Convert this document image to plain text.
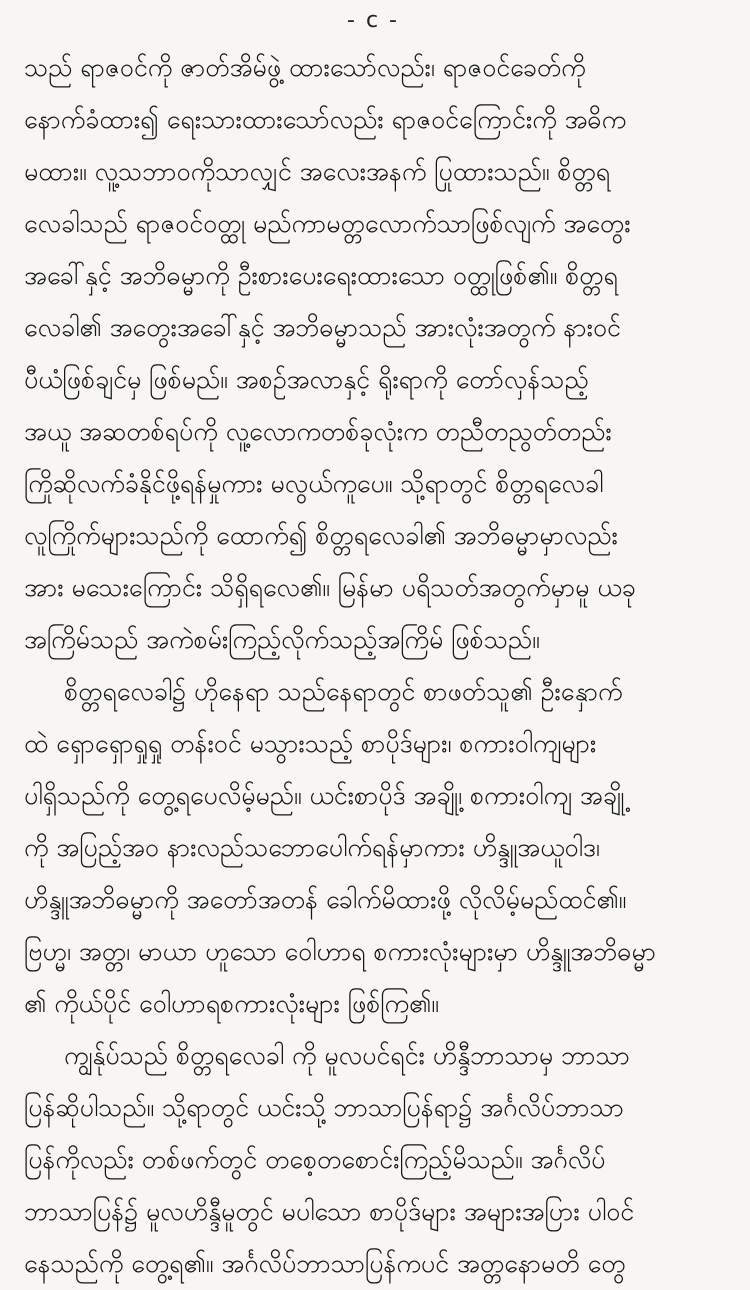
- c -
သည် ရာဇဝင်ကို ဇာတ်အိမ်ဖွဲ့ ထားသော်လည်း၊ ရာဇဝင်ခေတ်ကို
နောက်ခံထား၍ ရေးသားထားသော်လည်း ရာဇဝင်ကြောင်းကို အဓိက
မထား။ လူ့သဘာဝကိုသာလျှင် အလေးအနက် ပြုထားသည်။ စိတ္တရ
လေခါသည် ရာဇဝင်ဝတ္ထု မည်ကာမတ္တလောက်သာဖြစ်လျက် အတွေး
အခေါ်နှင့် အဘိဓမ္မာကို ဦးစားပေးရေးထားသော ဝတ္ထုဖြစ်၏။ စိတ္တရ
လေခါ၏ အတွေးအခေါ်နှင့် အဘိဓမ္မာသည် အားလုံးအတွက် နားဝင်
ပီယံဖြစ်ချင်မှ ဖြစ်မည်။ အစဉ်အလာနှင့် ရိုးရာကို တော်လှန်သည့်
အယူ အဆတစ်ရပ်ကို လူ့လောကတစ်ခုလုံးက တညီတညွတ်တည်း
ကြိုဆိုလက်ခံနိုင်ဖို့ရန်မှုကား မလွယ်ကူပေ။ သို့ရာတွင် စိတ္တရလေခါ
လူကြိုက်များသည်ကို ထောက်၍ စိတ္တရလေခါ၏ အဘိဓမ္မာမှာလည်း
အား မသေးကြောင်း သိရှိရလေ၏။ မြန်မာ ပရိသတ်အတွက်မှာမူ ယခု
အကြိမ်သည် အကဲစမ်းကြည့်လိုက်သည့်အကြိမ် ဖြစ်သည်။
စိတ္တရလေခါ၌ ဟိုနေရာ သည်နေရာတွင် စာဖတ်သူ၏ ဦးနှောက်
ထဲ ရှောရှောရှုရှု တန်းဝင် မသွားသည့် စာပိုဒ်များ၊ စကားဝါကျများ
ပါရှိသည်ကို တွေ့ရပေလိမ့်မည်။ ယင်းစာပိုဒ် အချို့၊ စကားဝါကျ အချို့
ကို အပြည့်အဝ နားလည်သဘောပေါက်ရန်မှာကား ဟိန္ဒူအယူဝါဒ၊
ဟိန္ဒူအဘိဓမ္မာကို အတော်အတန် ခေါက်မိထားဖို့ လိုလိမ့်မည်ထင်၏။
ဗြဟ္မ၊ အတ္တ၊ မာယာ ဟူသော ဝေါဟာရ စကားလုံးများမှာ ဟိန္ဒူအဘိဓမ္မာ
၏ ကိုယ်ပိုင် ဝေါဟာရစကားလုံးများ ဖြစ်ကြ၏။
ကျွန်ုပ်သည် စိတ္တရလေခါ ကို မူလပင်ရင်း ဟိန္ဒီဘာသာမှ ဘာသာ
ပြန်ဆိုပါသည်။ သို့ရာတွင် ယင်းသို့ ဘာသာပြန်ရာ၌ အင်္ဂလိပ်ဘာသာ
ပြန်ကိုလည်း တစ်ဖက်တွင် တစေ့တစောင်းကြည့်မိသည်။ အင်္ဂလိပ်
ဘာသာပြန်၌ မူလဟိန္ဒီမူတွင် မပါသော စာပိုဒ်များ အများအပြား ပါဝင်
နေသည်ကို တွေ့ရ၏။ အင်္ဂလိပ်ဘာသာပြန်ကပင် အတ္တနောမတိ တွေ
